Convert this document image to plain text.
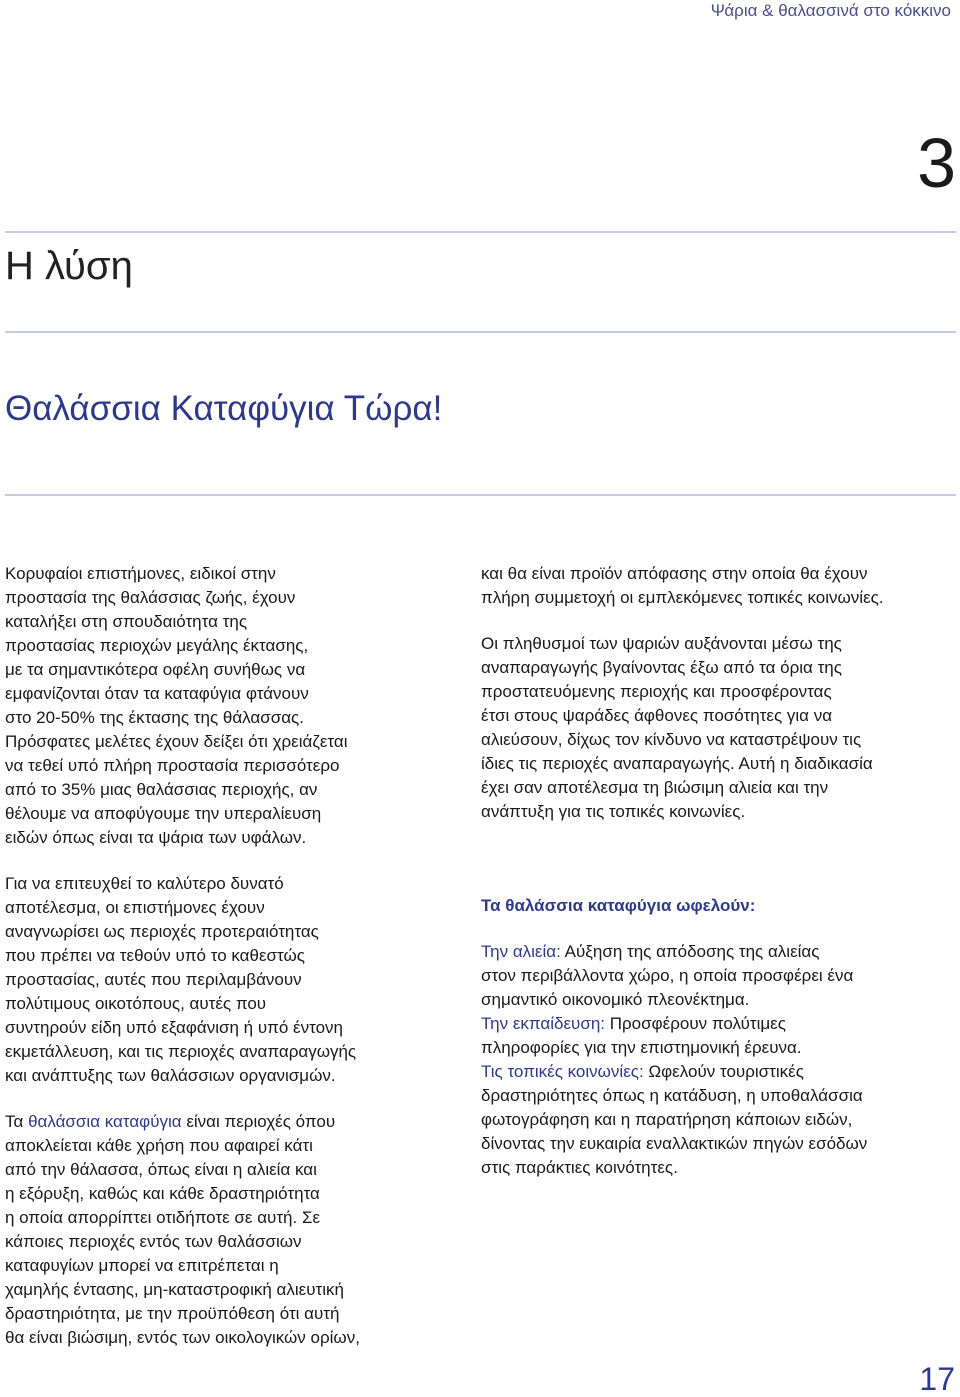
Ψάρια & θαλασσινά στο κόκκινο
3
Η λύση
Θαλάσσια Καταφύγια Τώρα!

Κορυφαίοι επιστήμονες, ειδικοί στην

προστασία της θαλάσσιας ζωής, έχουν

καταλήξει στη σπουδαιότητα της

προστασίας περιοχών μεγάλης έκτασης,

με τα σημαντικότερα οφέλη συνήθως να

εμφανίζονται όταν τα καταφύγια φτάνουν

στο 20-50% της έκτασης της θάλασσας.

Πρόσφατες μελέτες έχουν δείξει ότι χρειάζεται

να τεθεί υπό πλήρη προστασία περισσότερο

από το 35% μιας θαλάσσιας περιοχής, αν

θέλουμε να αποφύγουμε την υπεραλίευση

ειδών όπως είναι τα ψάρια των υφάλων.

Για να επιτευχθεί το καλύτερο δυνατό

αποτέλεσμα, οι επιστήμονες έχουν

αναγνωρίσει ως περιοχές προτεραιότητας

που πρέπει να τεθούν υπό το καθεστώς

προστασίας, αυτές που περιλαμβάνουν

πολύτιμους οικοτόπους, αυτές που

συντηρούν είδη υπό εξαφάνιση ή υπό έντονη

εκμετάλλευση, και τις περιοχές αναπαραγωγής

και ανάπτυξης των θαλάσσιων οργανισμών.

Τα θαλάσσια καταφύγια είναι περιοχές όπου

αποκλείεται κάθε χρήση που αφαιρεί κάτι

από την θάλασσα, όπως είναι η αλιεία και

η εξόρυξη, καθώς και κάθε δραστηριότητα

η οποία απορρίπτει οτιδήποτε σε αυτή. Σε

κάποιες περιοχές εντός των θαλάσσιων

καταφυγίων μπορεί να επιτρέπεται η

χαμηλής έντασης, μη-καταστροφική αλιευτική

δραστηριότητα, με την προϋπόθεση ότι αυτή

θα είναι βιώσιμη, εντός των οικολογικών ορίων,

και θα είναι προϊόν απόφασης στην οποία θα έχουν

πλήρη συμμετοχή οι εμπλεκόμενες τοπικές κοινωνίες.

Οι πληθυσμοί των ψαριών αυξάνονται μέσω της

αναπαραγωγής βγαίνοντας έξω από τα όρια της

προστατευόμενης περιοχής και προσφέροντας

έτσι στους ψαράδες άφθονες ποσότητες για να

αλιεύσουν, δίχως τον κίνδυνο να καταστρέψουν τις

ίδιες τις περιοχές αναπαραγωγής. Αυτή η διαδικασία

έχει σαν αποτέλεσμα τη βιώσιμη αλιεία και την

ανάπτυξη για τις τοπικές κοινωνίες.

Τα θαλάσσια καταφύγια ωφελούν:

Την αλιεία: Αύξηση της απόδοσης της αλιείας

στον περιβάλλοντα χώρο, η οποία προσφέρει ένα

σημαντικό οικονομικό πλεονέκτημα.

Την εκπαίδευση: Προσφέρουν πολύτιμες

πληροφορίες για την επιστημονική έρευνα.

Τις τοπικές κοινωνίες: Ωφελούν τουριστικές

δραστηριότητες όπως η κατάδυση, η υποθαλάσσια

φωτογράφηση και η παρατήρηση κάποιων ειδών,

δίνοντας την ευκαιρία εναλλακτικών πηγών εσόδων

στις παράκτιες κοινότητες.

17
